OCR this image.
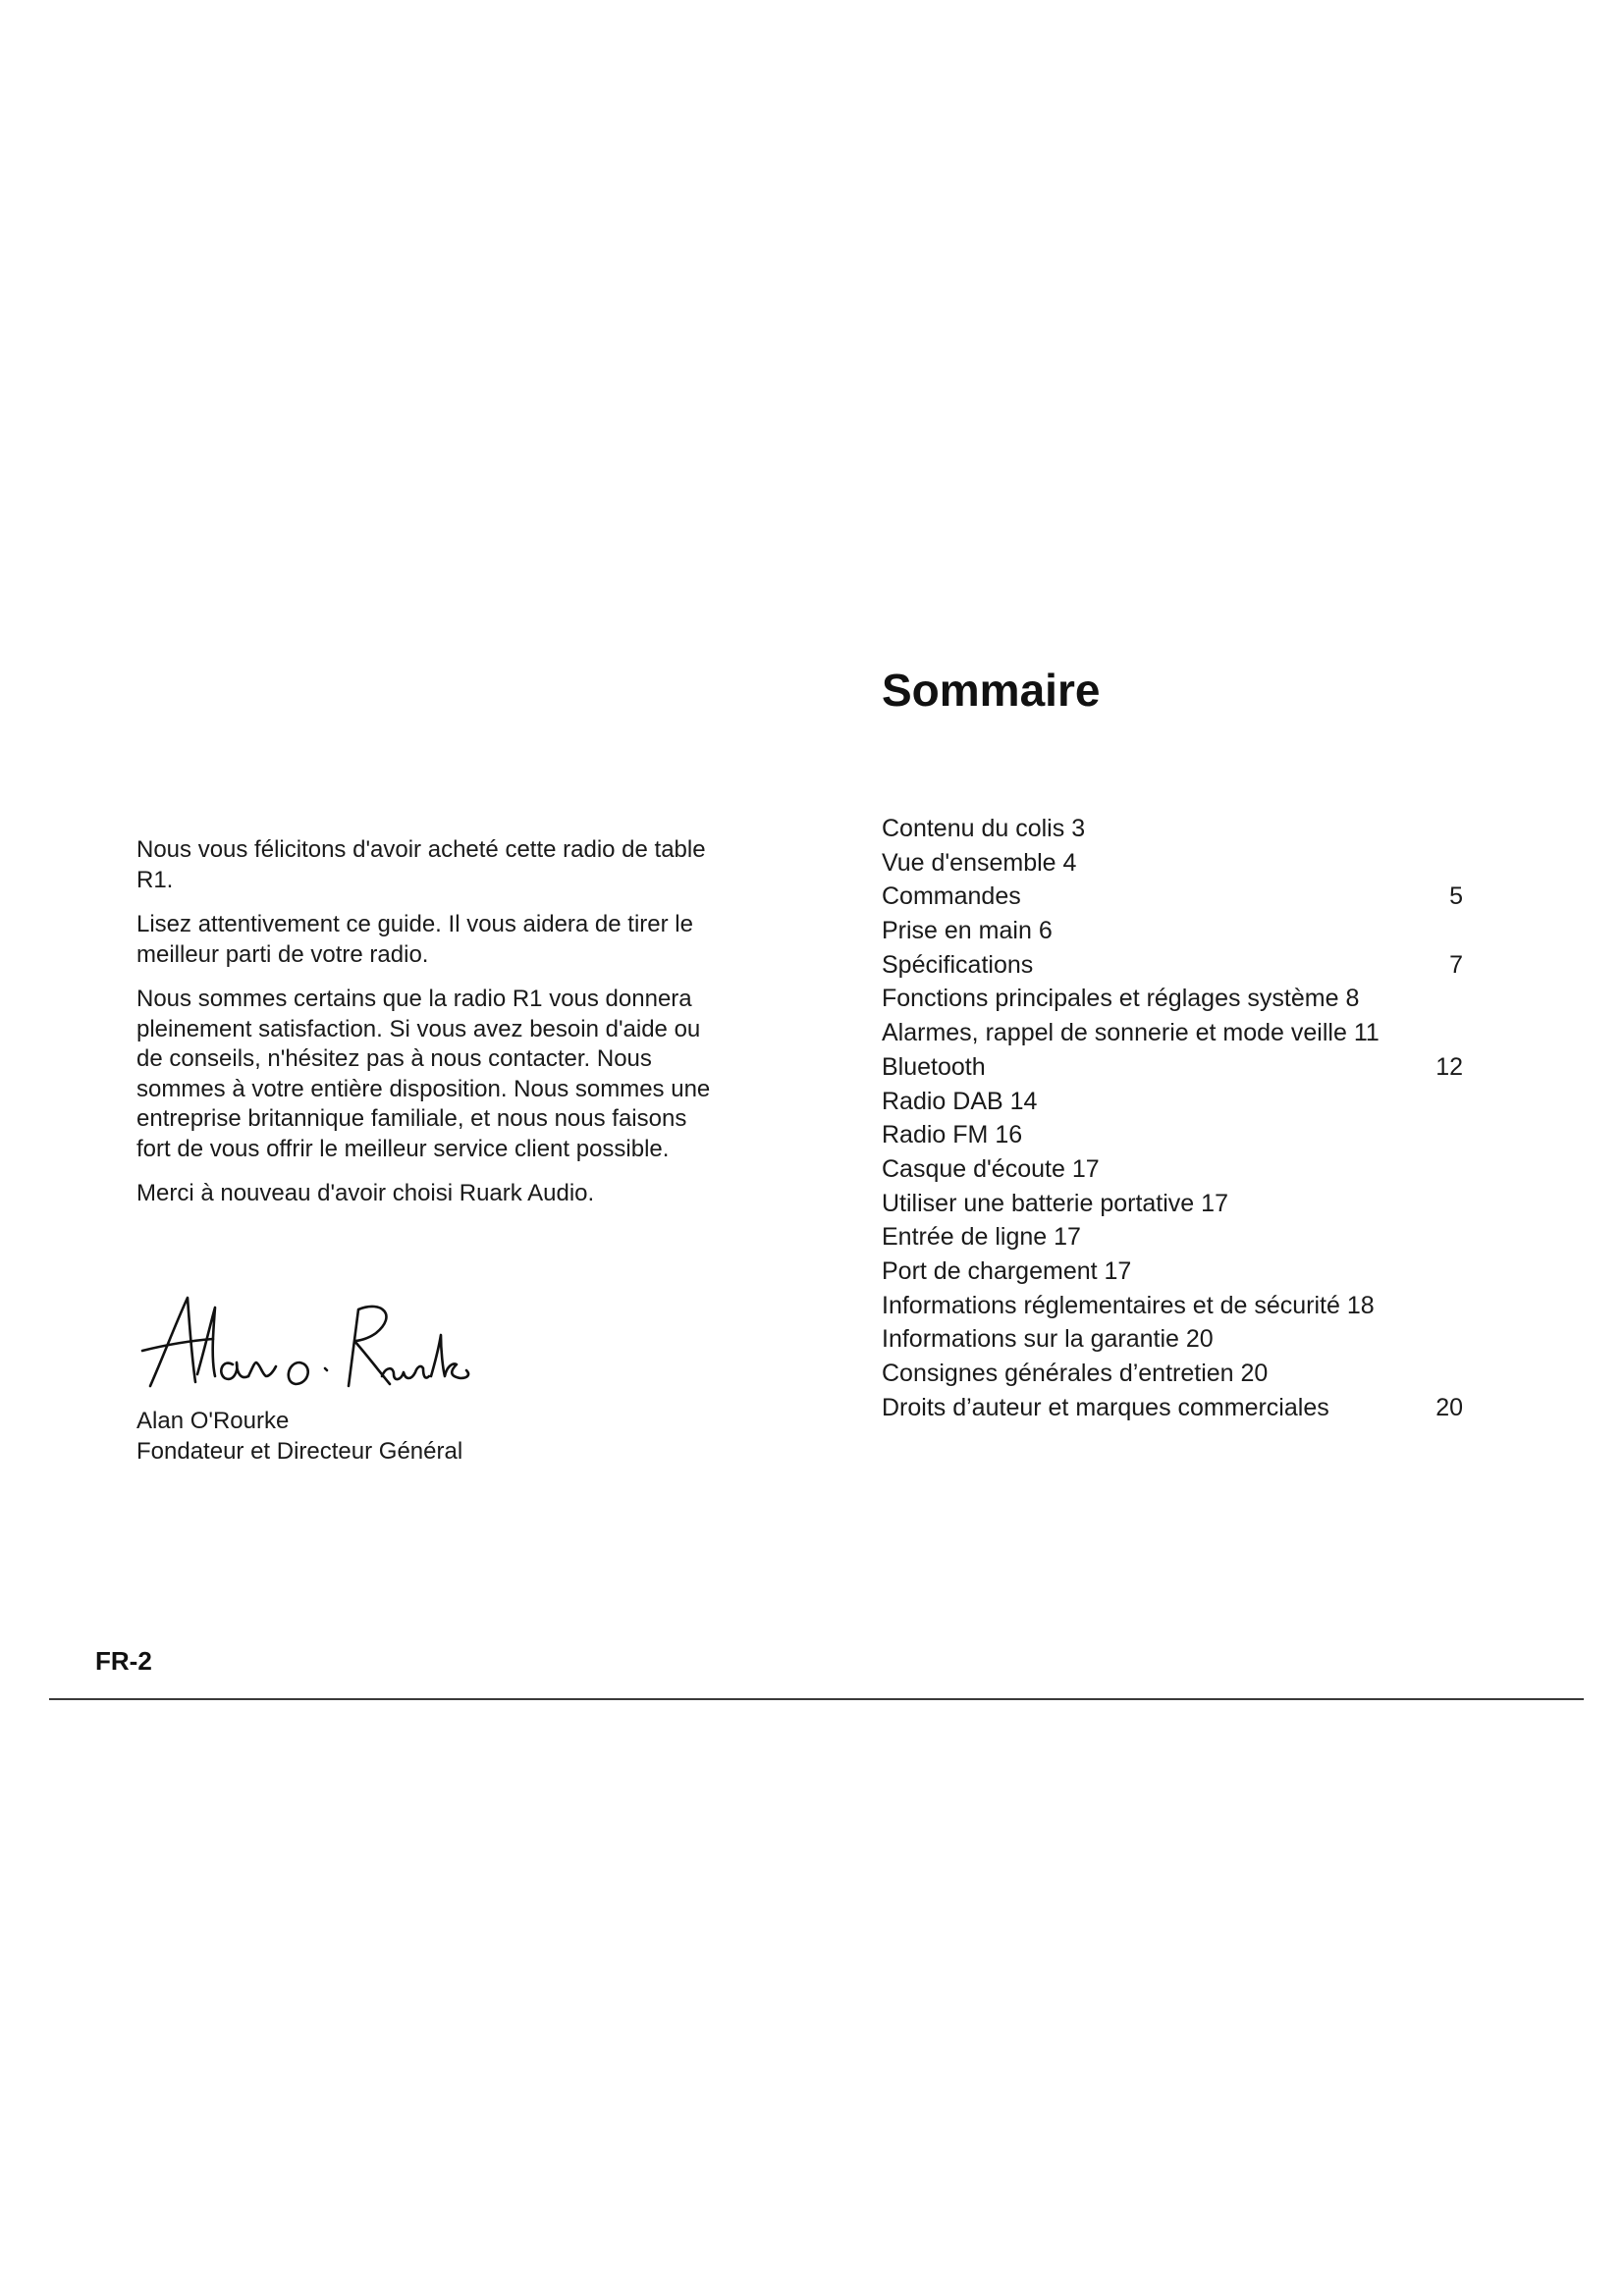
Nous vous félicitons d'avoir acheté cette radio de table R1.

Lisez attentivement ce guide. Il vous aidera de tirer le meilleur parti de votre radio.

Nous sommes certains que la radio R1 vous donnera pleinement satisfaction. Si vous avez besoin d'aide ou de conseils, n'hésitez pas à nous contacter. Nous sommes à votre entière disposition. Nous sommes une entreprise britannique familiale, et nous nous faisons fort de vous offrir le meilleur service client possible.

Merci à nouveau d'avoir choisi Ruark Audio.

Alan O'Rourke
Fondateur et Directeur Général
Sommaire
Contenu du colis 3
Vue d'ensemble 4
Commandes	5
Prise en main 6
Spécifications	7
Fonctions principales et réglages système 8
Alarmes, rappel de sonnerie et mode veille 11
Bluetooth	12
Radio DAB 14
Radio FM 16
Casque d'écoute 17
Utiliser une batterie portative 17
Entrée de ligne 17
Port de chargement 17
Informations réglementaires et de sécurité 18
Informations sur la garantie 20
Consignes générales d’entretien 20
Droits d’auteur et marques commerciales	20
FR-2
